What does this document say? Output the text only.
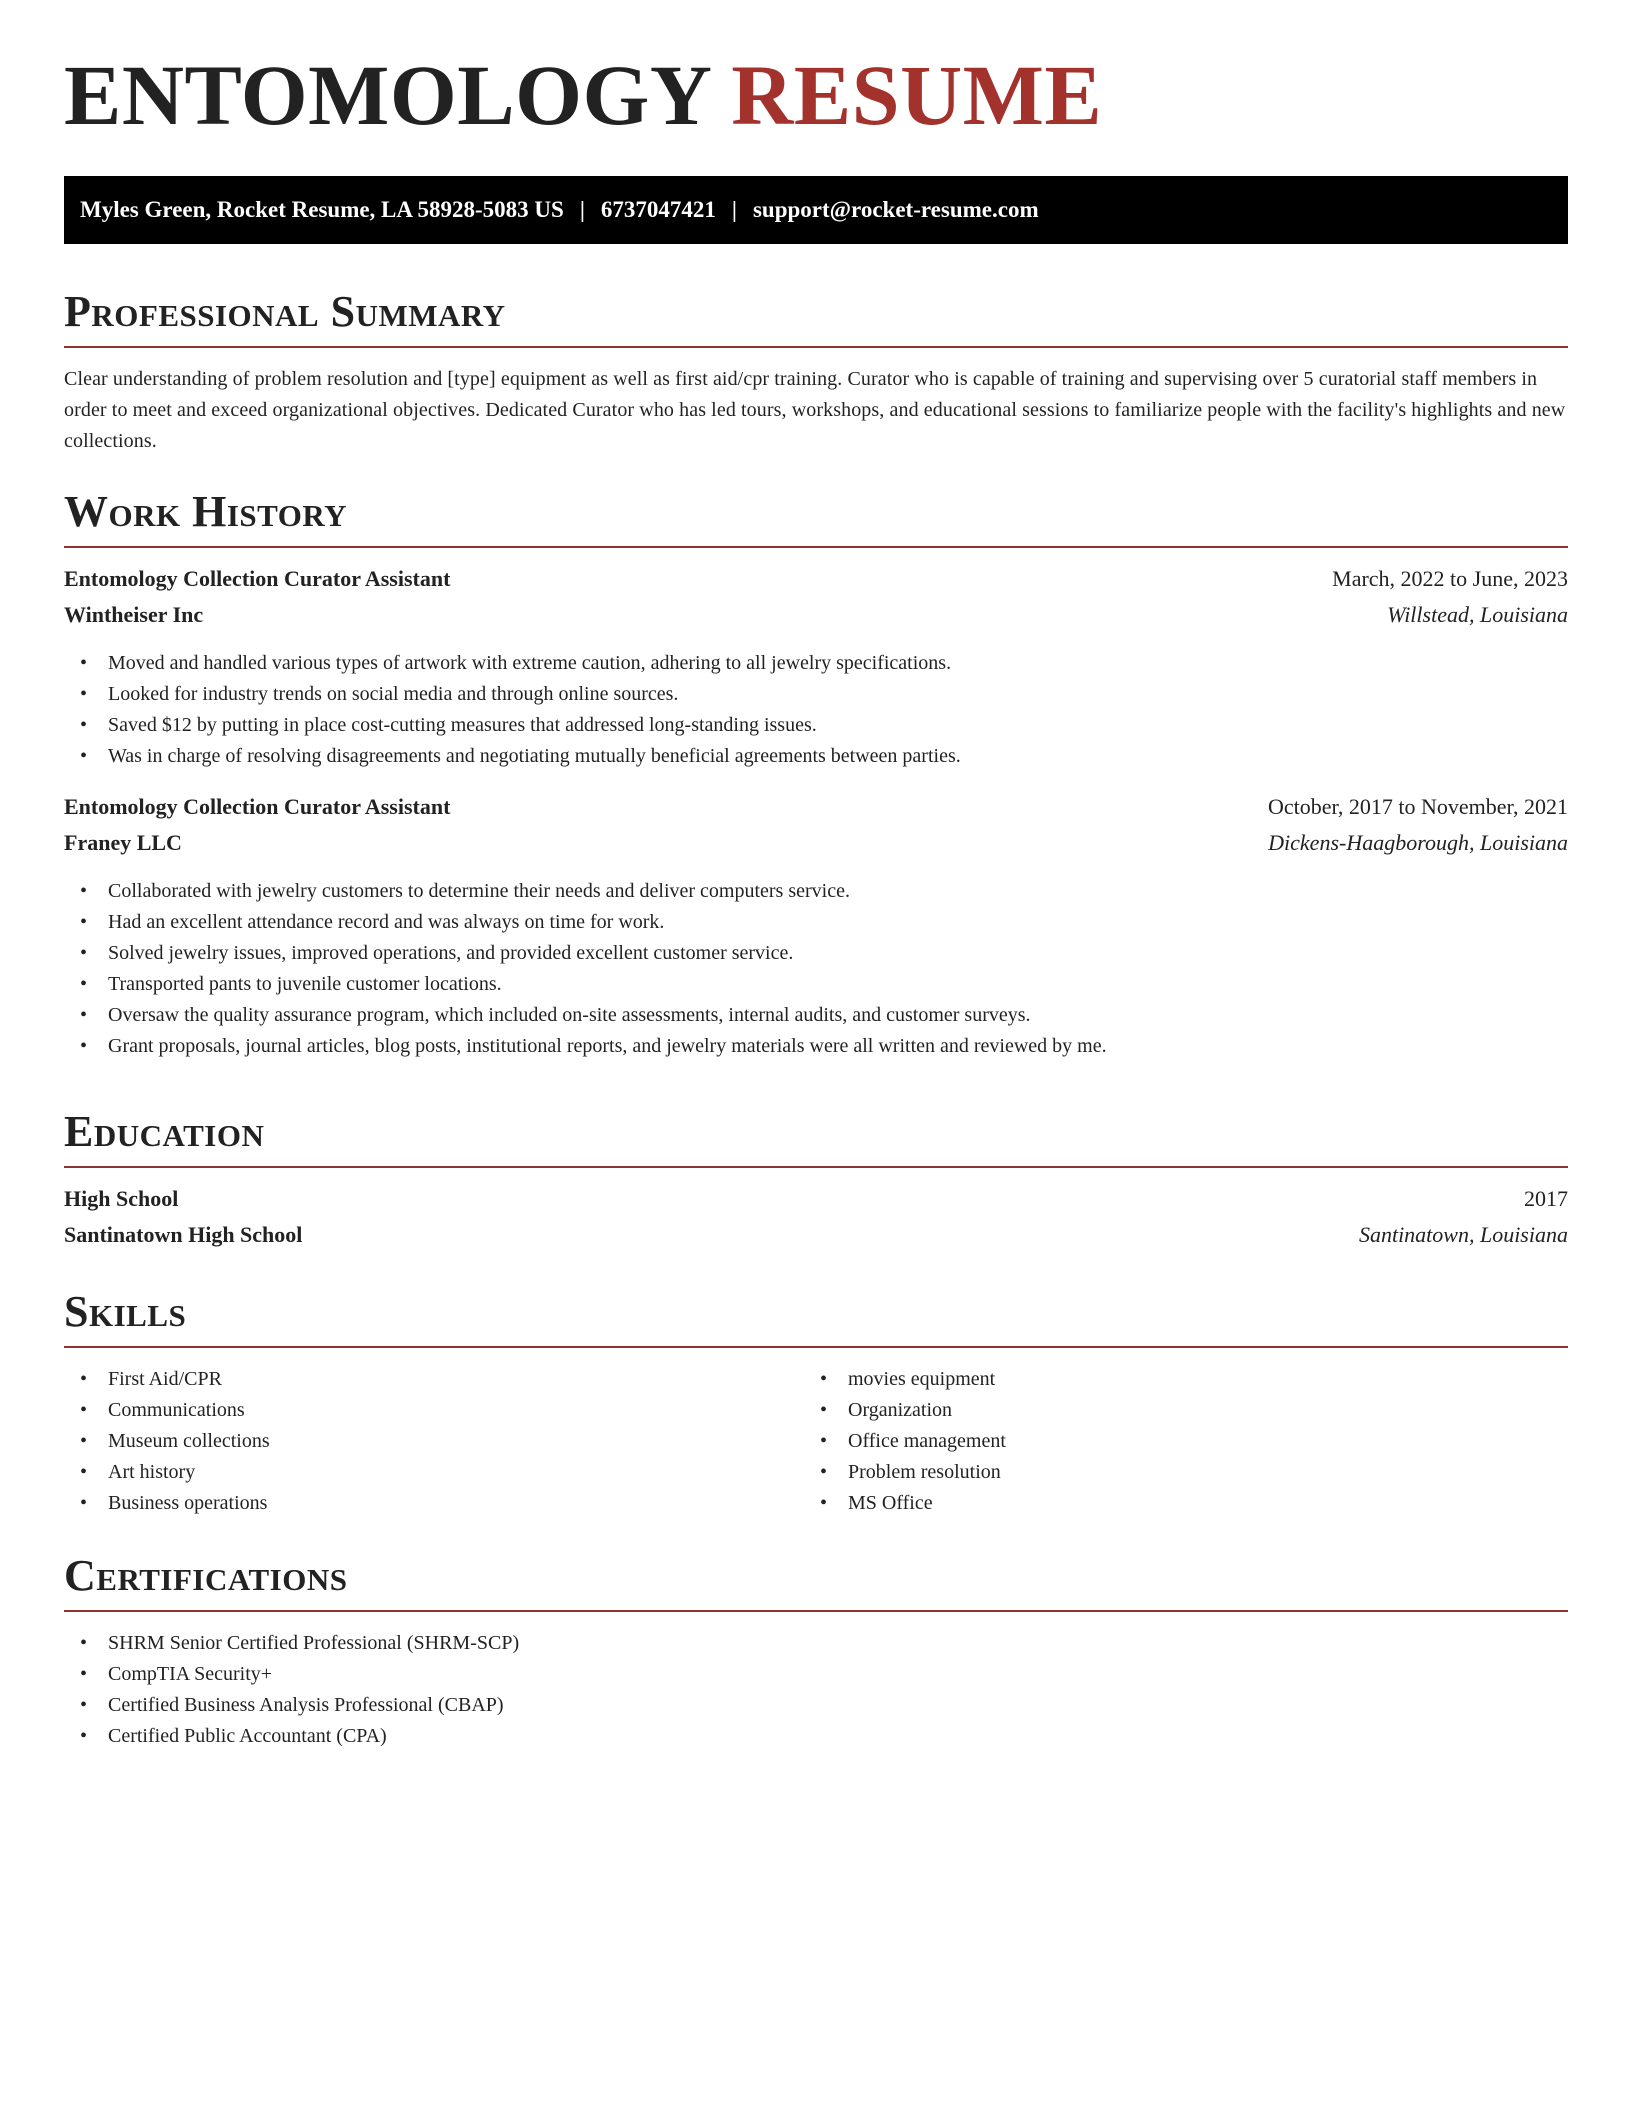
ENTOMOLOGY RESUME
Myles Green, Rocket Resume, LA 58928-5083 US | 6737047421 | support@rocket-resume.com
Professional Summary

Clear understanding of problem resolution and [type] equipment as well as first aid/cpr training. Curator who is capable of training and supervising over 5 curatorial staff members in order to meet and exceed organizational objectives. Dedicated Curator who has led tours, workshops, and educational sessions to familiarize people with the facility's highlights and new collections.

Work History
Entomology Collection Curator Assistant	March, 2022 to June, 2023
Wintheiser Inc	Willstead, Louisiana
• Moved and handled various types of artwork with extreme caution, adhering to all jewelry specifications.
• Looked for industry trends on social media and through online sources.
• Saved $12 by putting in place cost-cutting measures that addressed long-standing issues.
• Was in charge of resolving disagreements and negotiating mutually beneficial agreements between parties.
Entomology Collection Curator Assistant	October, 2017 to November, 2021
Franey LLC	Dickens-Haagborough, Louisiana
• Collaborated with jewelry customers to determine their needs and deliver computers service.
• Had an excellent attendance record and was always on time for work.
• Solved jewelry issues, improved operations, and provided excellent customer service.
• Transported pants to juvenile customer locations.
• Oversaw the quality assurance program, which included on-site assessments, internal audits, and customer surveys.
• Grant proposals, journal articles, blog posts, institutional reports, and jewelry materials were all written and reviewed by me.
Education
High School	2017
Santinatown High School	Santinatown, Louisiana
Skills
• First Aid/CPR
• Communications
• Museum collections
• Art history
• Business operations
• movies equipment
• Organization
• Office management
• Problem resolution
• MS Office
Certifications
• SHRM Senior Certified Professional (SHRM-SCP)
• CompTIA Security+
• Certified Business Analysis Professional (CBAP)
• Certified Public Accountant (CPA)
